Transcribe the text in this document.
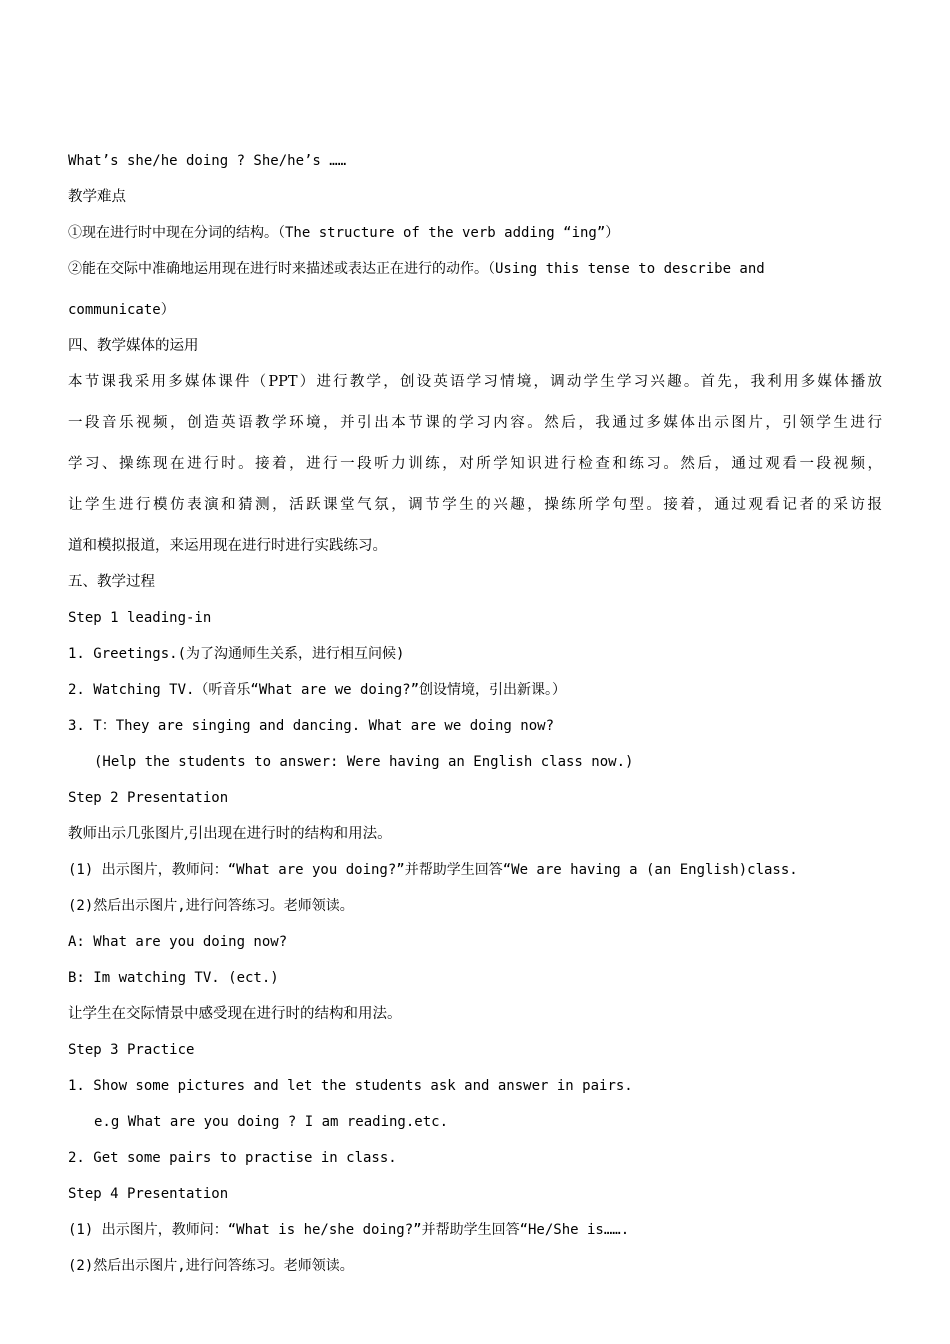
What’s she/he doing ? She/he’s ……
教学难点
①现在进行时中现在分词的结构。（The structure of the verb adding “ing”）
②能在交际中准确地运用现在进行时来描述或表达正在进行的动作。（Using this tense to describe and
communicate）
四、教学媒体的运用
本节课我采用多媒体课件（PPT）进行教学，创设英语学习情境，调动学生学习兴趣。首先，我利用多媒体播放
一段音乐视频，创造英语教学环境，并引出本节课的学习内容。然后，我通过多媒体出示图片，引领学生进行
学习、操练现在进行时。接着，进行一段听力训练，对所学知识进行检查和练习。然后，通过观看一段视频，
让学生进行模仿表演和猜测，活跃课堂气氛，调节学生的兴趣，操练所学句型。接着，通过观看记者的采访报
道和模拟报道，来运用现在进行时进行实践练习。
五、教学过程
Step 1 leading-in
1. Greetings.(为了沟通师生关系，进行相互问候)
2. Watching TV.（听音乐“What are we doing?”创设情境，引出新课。）
3. T：They are singing and dancing. What are we doing now?
(Help the students to answer: Were having an English class now.)
Step 2 Presentation
教师出示几张图片,引出现在进行时的结构和用法。
(1) 出示图片，教师问：“What are you doing?”并帮助学生回答“We are having a (an English)class.
(2)然后出示图片,进行问答练习。老师领读。
A: What are you doing now?
B: Im watching TV. (ect.)
让学生在交际情景中感受现在进行时的结构和用法。
Step 3 Practice
1. Show some pictures and let the students ask and answer in pairs.
e.g What are you doing ? I am reading.etc.
2. Get some pairs to practise in class.
Step 4 Presentation
(1) 出示图片，教师问：“What is he/she doing?”并帮助学生回答“He/She is…….
(2)然后出示图片,进行问答练习。老师领读。
